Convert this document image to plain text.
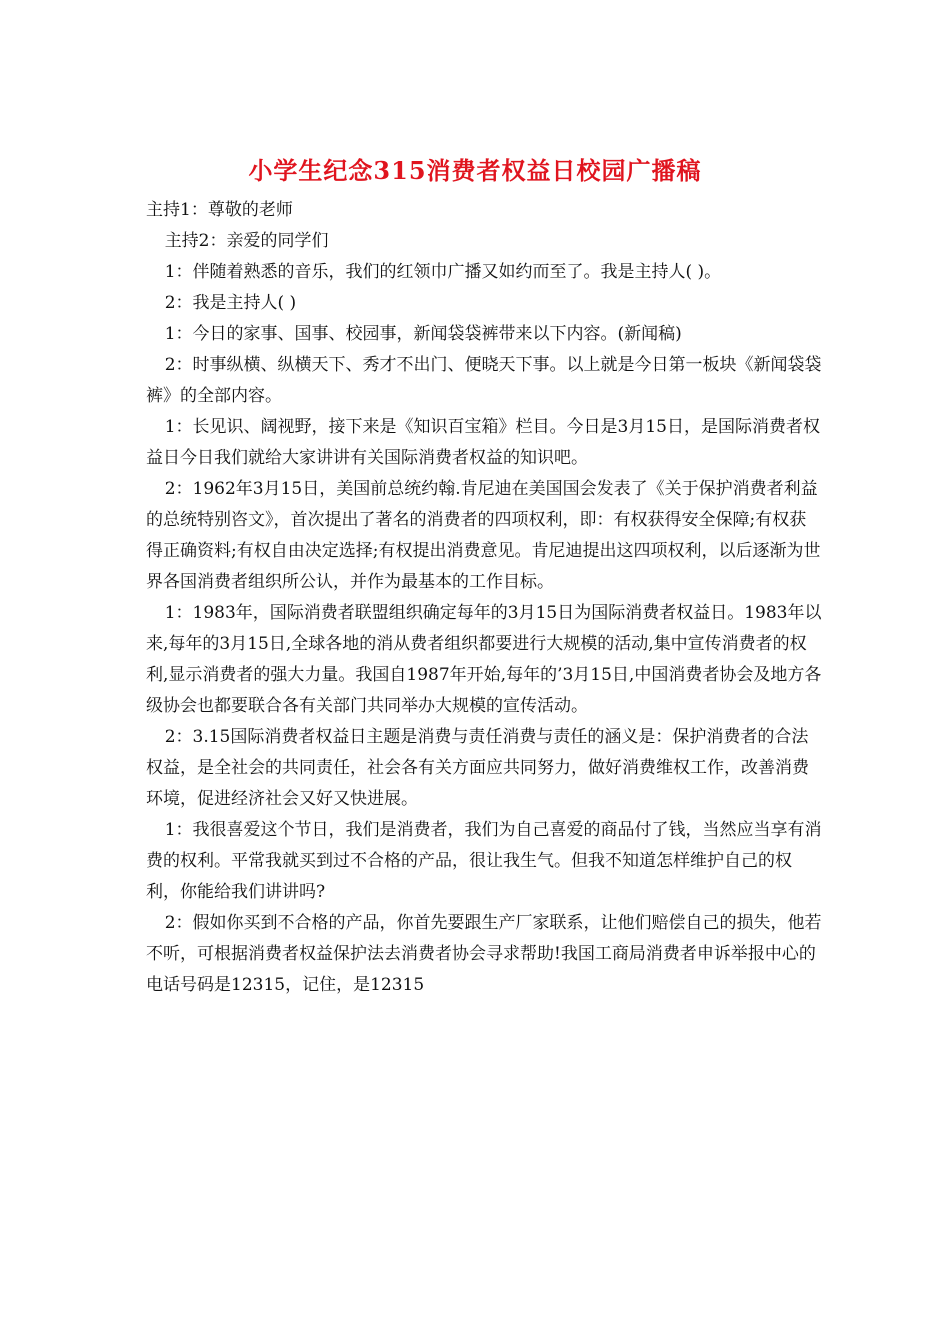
小学生纪念315消费者权益日校园广播稿

主持1：尊敬的老师

主持2：亲爱的同学们

1：伴随着熟悉的音乐，我们的红领巾广播又如约而至了。我是主持人( )。

2：我是主持人( )

1：今日的家事、国事、校园事，新闻袋袋裤带来以下内容。(新闻稿)

2：时事纵横、纵横天下、秀才不出门、便晓天下事。以上就是今日第一板块《新闻袋袋裤》的全部内容。

1：长见识、阔视野，接下来是《知识百宝箱》栏目。今日是3月15日，是国际消费者权益日今日我们就给大家讲讲有关国际消费者权益的知识吧。

2：1962年3月15日，美国前总统约翰.肯尼迪在美国国会发表了《关于保护消费者利益的总统特别咨文》，首次提出了著名的消费者的四项权利，即：有权获得安全保障;有权获得正确资料;有权自由决定选择;有权提出消费意见。肯尼迪提出这四项权利，以后逐渐为世界各国消费者组织所公认，并作为最基本的工作目标。

1：1983年，国际消费者联盟组织确定每年的3月15日为国际消费者权益日。1983年以来,每年的3月15日,全球各地的消从费者组织都要进行大规模的活动,集中宣传消费者的权利,显示消费者的强大力量。我国自1987年开始,每年的’3月15日,中国消费者协会及地方各级协会也都要联合各有关部门共同举办大规模的宣传活动。

2：3.15国际消费者权益日主题是消费与责任消费与责任的涵义是：保护消费者的合法权益，是全社会的共同责任，社会各有关方面应共同努力，做好消费维权工作，改善消费环境，促进经济社会又好又快进展。

1：我很喜爱这个节日，我们是消费者，我们为自己喜爱的商品付了钱，当然应当享有消费的权利。平常我就买到过不合格的产品，很让我生气。但我不知道怎样维护自己的权利，你能给我们讲讲吗?

2：假如你买到不合格的产品，你首先要跟生产厂家联系，让他们赔偿自己的损失，他若不听，可根据消费者权益保护法去消费者协会寻求帮助!我国工商局消费者申诉举报中心的电话号码是12315，记住，是12315
